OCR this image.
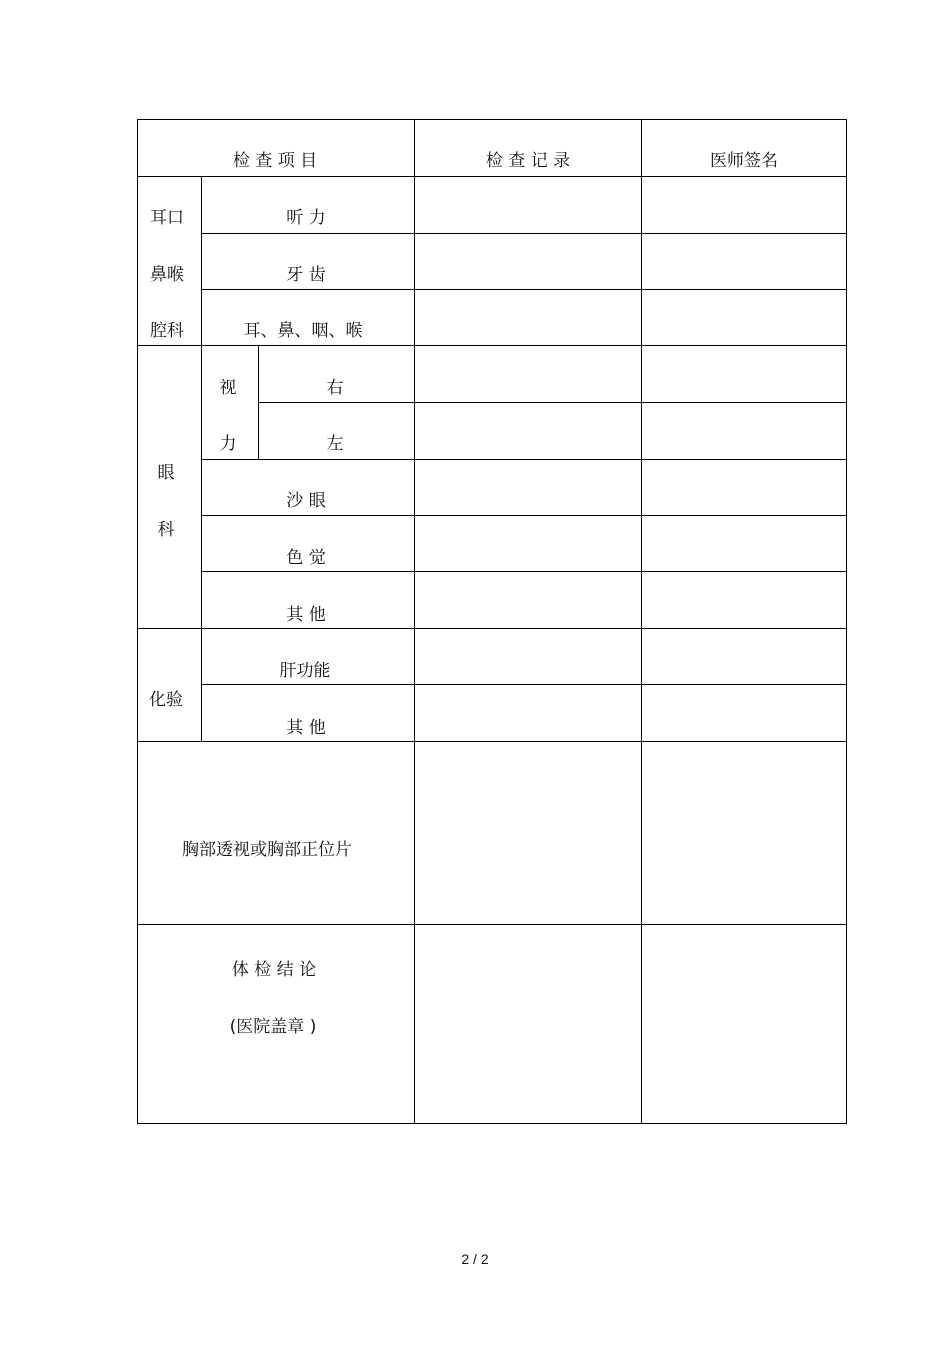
检 查 项 目	检 查 记 录	医师签名
耳口
鼻喉
腔科
听 力
牙 齿
耳、鼻、咽、喉
眼
科
视
力
右
左
沙 眼
色 觉
其 他
化验
肝功能
其 他
胸部透视或胸部正位片
体 检 结 论
(医院盖章 )
2 / 2
